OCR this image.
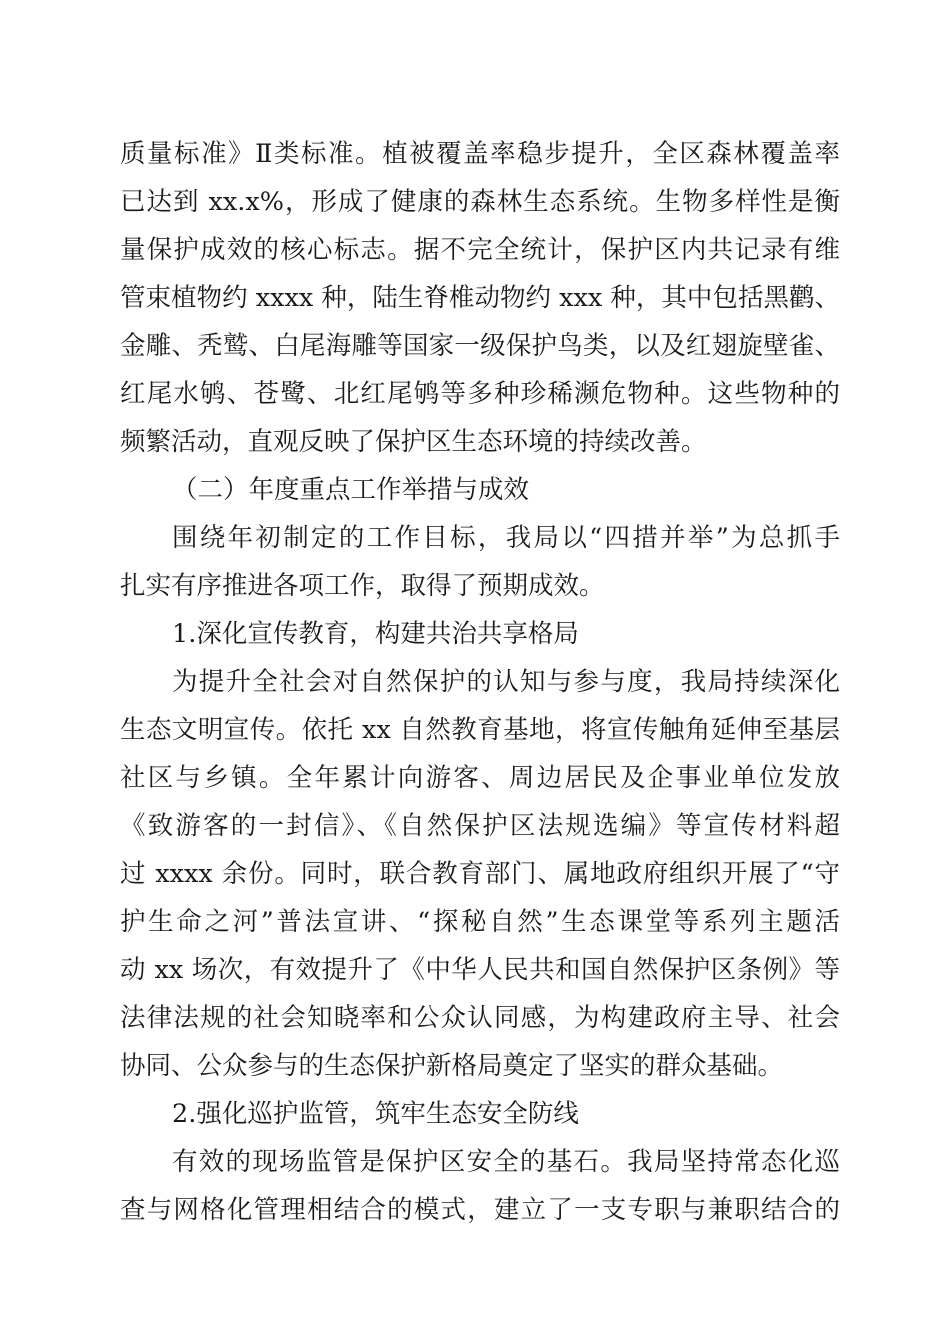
质量标准》Ⅱ类标准。植被覆盖率稳步提升，全区森林覆盖率
已达到 xx.x%，形成了健康的森林生态系统。生物多样性是衡
量保护成效的核心标志。据不完全统计，保护区内共记录有维
管束植物约 xxxx 种，陆生脊椎动物约 xxx 种，其中包括黑鹳、
金雕、秃鹫、白尾海雕等国家一级保护鸟类，以及红翅旋壁雀、
红尾水鸲、苍鹭、北红尾鸲等多种珍稀濒危物种。这些物种的
频繁活动，直观反映了保护区生态环境的持续改善。
（二）年度重点工作举措与成效
围绕年初制定的工作目标，我局以“四措并举”为总抓手
扎实有序推进各项工作，取得了预期成效。
1.深化宣传教育，构建共治共享格局
为提升全社会对自然保护的认知与参与度，我局持续深化
生态文明宣传。依托 xx 自然教育基地，将宣传触角延伸至基层
社区与乡镇。全年累计向游客、周边居民及企事业单位发放
《致游客的一封信》、《自然保护区法规选编》等宣传材料超
过 xxxx 余份。同时，联合教育部门、属地政府组织开展了“守
护生命之河”普法宣讲、“探秘自然”生态课堂等系列主题活
动 xx 场次，有效提升了《中华人民共和国自然保护区条例》等
法律法规的社会知晓率和公众认同感，为构建政府主导、社会
协同、公众参与的生态保护新格局奠定了坚实的群众基础。
2.强化巡护监管，筑牢生态安全防线
有效的现场监管是保护区安全的基石。我局坚持常态化巡
查与网格化管理相结合的模式，建立了一支专职与兼职结合的
